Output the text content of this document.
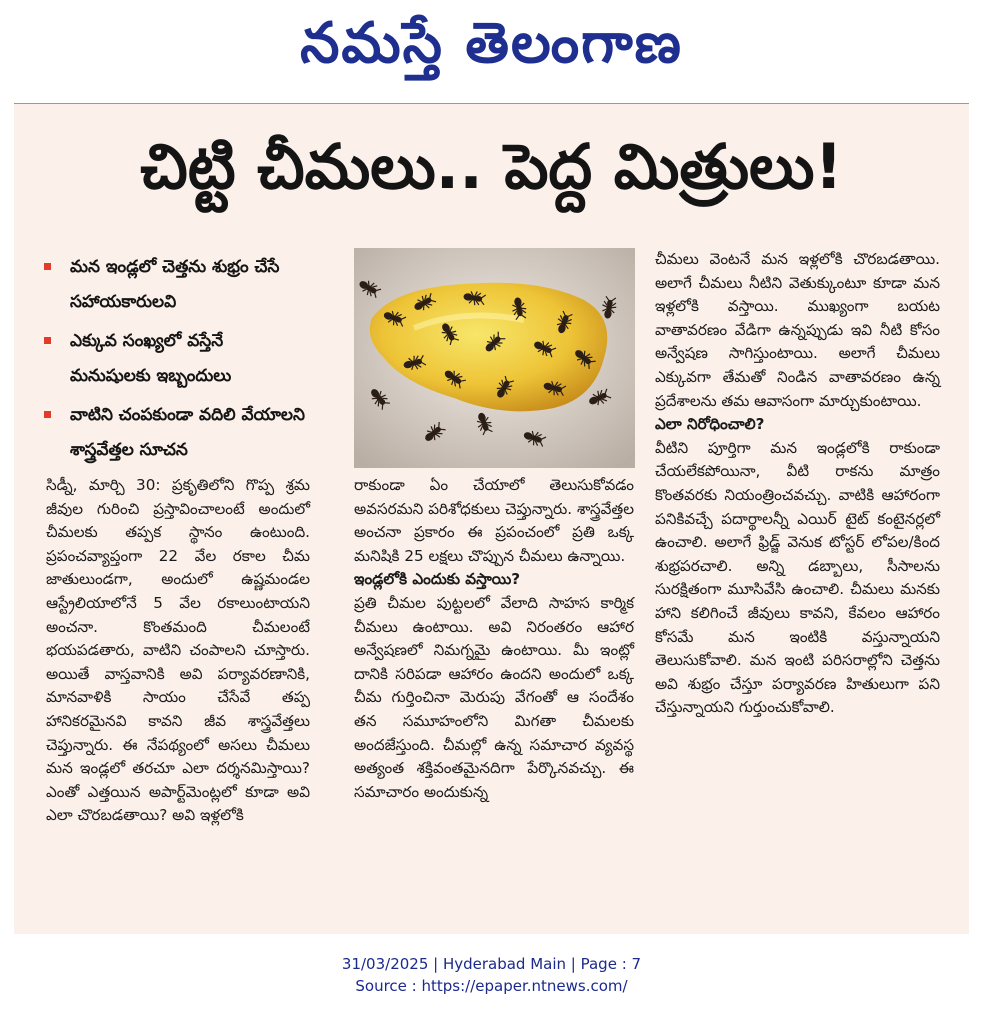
నమస్తే తెలంగాణ
చిట్టి చీమలు.. పెద్ద మిత్రులు!
మన ఇండ్లలో చెత్తను శుభ్రం చేసే సహాయకారులవి
ఎక్కువ సంఖ్యలో వస్తేనే మనుషులకు ఇబ్బందులు
వాటిని చంపకుండా వదిలి వేయాలని శాస్త్రవేత్తల సూచన

సిడ్నీ, మార్చి 30: ప్రకృతిలోని గొప్ప శ్రమ జీవుల గురించి ప్రస్తావించాలంటే అందులో చీమలకు తప్పక స్థానం ఉంటుంది. ప్రపంచవ్యాప్తంగా 22 వేల రకాల చీమ జాతులుండగా, అందులో ఉష్ణమండల ఆస్ట్రేలియాలోనే 5 వేల రకాలుంటాయని అంచనా. కొంతమంది చీమలంటే భయపడతారు, వాటిని చంపాలని చూస్తారు. అయితే వాస్తవానికి అవి పర్యావరణానికి, మానవాళికి సాయం చేసేవే తప్ప హానికరమైనవి కావని జీవ శాస్త్రవేత్తలు చెప్తున్నారు. ఈ నేపథ్యంలో అసలు చీమలు మన ఇండ్లలో తరచూ ఎలా దర్శనమిస్తాయి? ఎంతో ఎత్తయిన అపార్ట్‌మెంట్లలో కూడా అవి ఎలా చొరబడతాయి? అవి ఇళ్లలోకి

రాకుండా ఏం చేయాలో తెలుసుకోవడం అవసరమని పరిశోధకులు చెప్తున్నారు. శాస్త్రవేత్తల అంచనా ప్రకారం ఈ ప్రపంచంలో ప్రతి ఒక్క మనిషికి 25 లక్షలు చొప్పున చీమలు ఉన్నాయి.

ఇండ్లలోకి ఎందుకు వస్తాయి?

ప్రతి చీమల పుట్టలలో వేలాది సాహస కార్మిక చీమలు ఉంటాయి. అవి నిరంతరం ఆహార అన్వేషణలో నిమగ్నమై ఉంటాయి. మీ ఇంట్లో దానికి సరిపడా ఆహారం ఉందని అందులో ఒక్క చీమ గుర్తించినా మెరుపు వేగంతో ఆ సందేశం తన సమూహంలోని మిగతా చీమలకు అందజేస్తుంది. చీమల్లో ఉన్న సమాచార వ్యవస్థ అత్యంత శక్తివంతమైనదిగా పేర్కొనవచ్చు. ఈ సమాచారం అందుకున్న

చీమలు వెంటనే మన ఇళ్లలోకి చొరబడతాయి. అలాగే చీమలు నీటిని వెతుక్కుంటూ కూడా మన ఇళ్లలోకి వస్తాయి. ముఖ్యంగా బయట వాతావరణం వేడిగా ఉన్నప్పుడు ఇవి నీటి కోసం అన్వేషణ సాగిస్తుంటాయి. అలాగే చీమలు ఎక్కువగా తేమతో నిండిన వాతావరణం ఉన్న ప్రదేశాలను తమ ఆవాసంగా మార్చుకుంటాయి.

ఎలా నిరోధించాలి?

వీటిని పూర్తిగా మన ఇండ్లలోకి రాకుండా చేయలేకపోయినా, వీటి రాకను మాత్రం కొంతవరకు నియంత్రించవచ్చు. వాటికి ఆహారంగా పనికివచ్చే పదార్థాలన్నీ ఎయిర్ టైట్ కంటైనర్లలో ఉంచాలి. అలాగే ఫ్రిడ్జ్ వెనుక టోస్టర్ లోపల/కింద శుభ్రపరచాలి. అన్ని డబ్బాలు, సీసాలను సురక్షితంగా మూసివేసి ఉంచాలి. చీమలు మనకు హాని కలిగించే జీవులు కావని, కేవలం ఆహారం కోసమే మన ఇంటికి వస్తున్నాయని తెలుసుకోవాలి. మన ఇంటి పరిసరాల్లోని చెత్తను అవి శుభ్రం చేస్తూ పర్యావరణ హితులుగా పని చేస్తున్నాయని గుర్తుంచుకోవాలి.

31/03/2025 | Hyderabad Main | Page : 7
Source : https://epaper.ntnews.com/
